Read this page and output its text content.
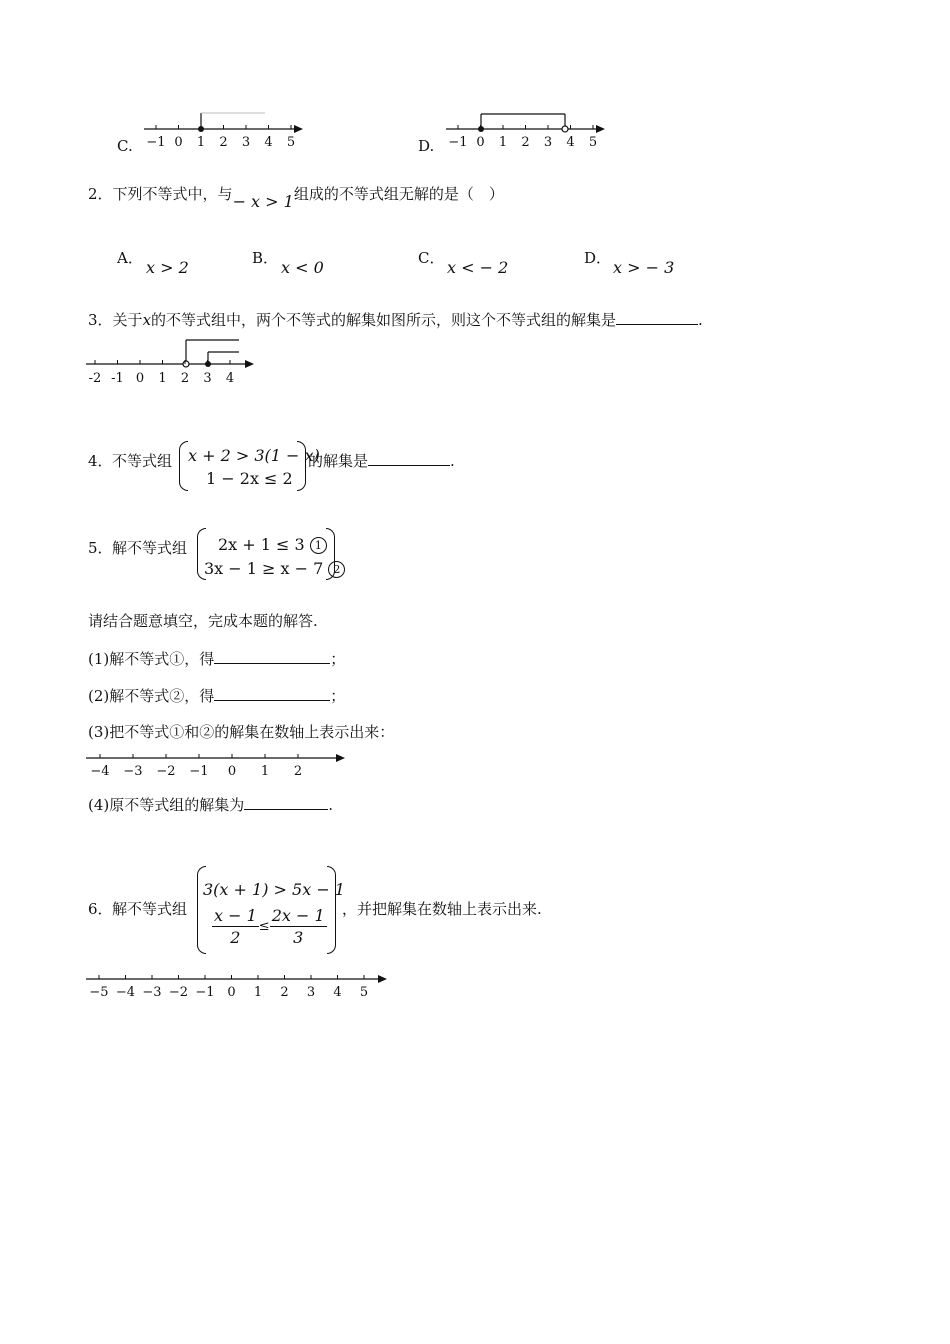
C. −1 0 1 2 3 4 5	D. −1 0 1 2 3 4 5
2．下列不等式中，与− x > 1组成的不等式组无解的是（　）
A． x > 2	B． x < 0	C． x < − 2	D． x > − 3
3．关于x的不等式组中，两个不等式的解集如图所示，则这个不等式组的解集是	.
-2 -1 0 1 2 3 4
4． 不等式组 x + 2 > 3(1 − x)
1 − 2x ≤ 2
的解集是	.
5． 解不等式组 2x + 1 ≤ 3 1
3x − 1 ≥ x − 7 2
请结合题意填空，完成本题的解答.
(1)解不等式①，得	；
(2)解不等式②，得	；
(3)把不等式①和②的解集在数轴上表示出来：
−4 −3 −2 −1 0 1 2
(4)原不等式组的解集为	.
6． 解不等式组
3(x + 1) > 5x − 1
$\frac{x - 1}{2} \le \frac{2x - 1}{3}$ ，并把解集在数轴上表示出来.
−5 −4 −3 −2 −1 0 1 2 3 4 5
